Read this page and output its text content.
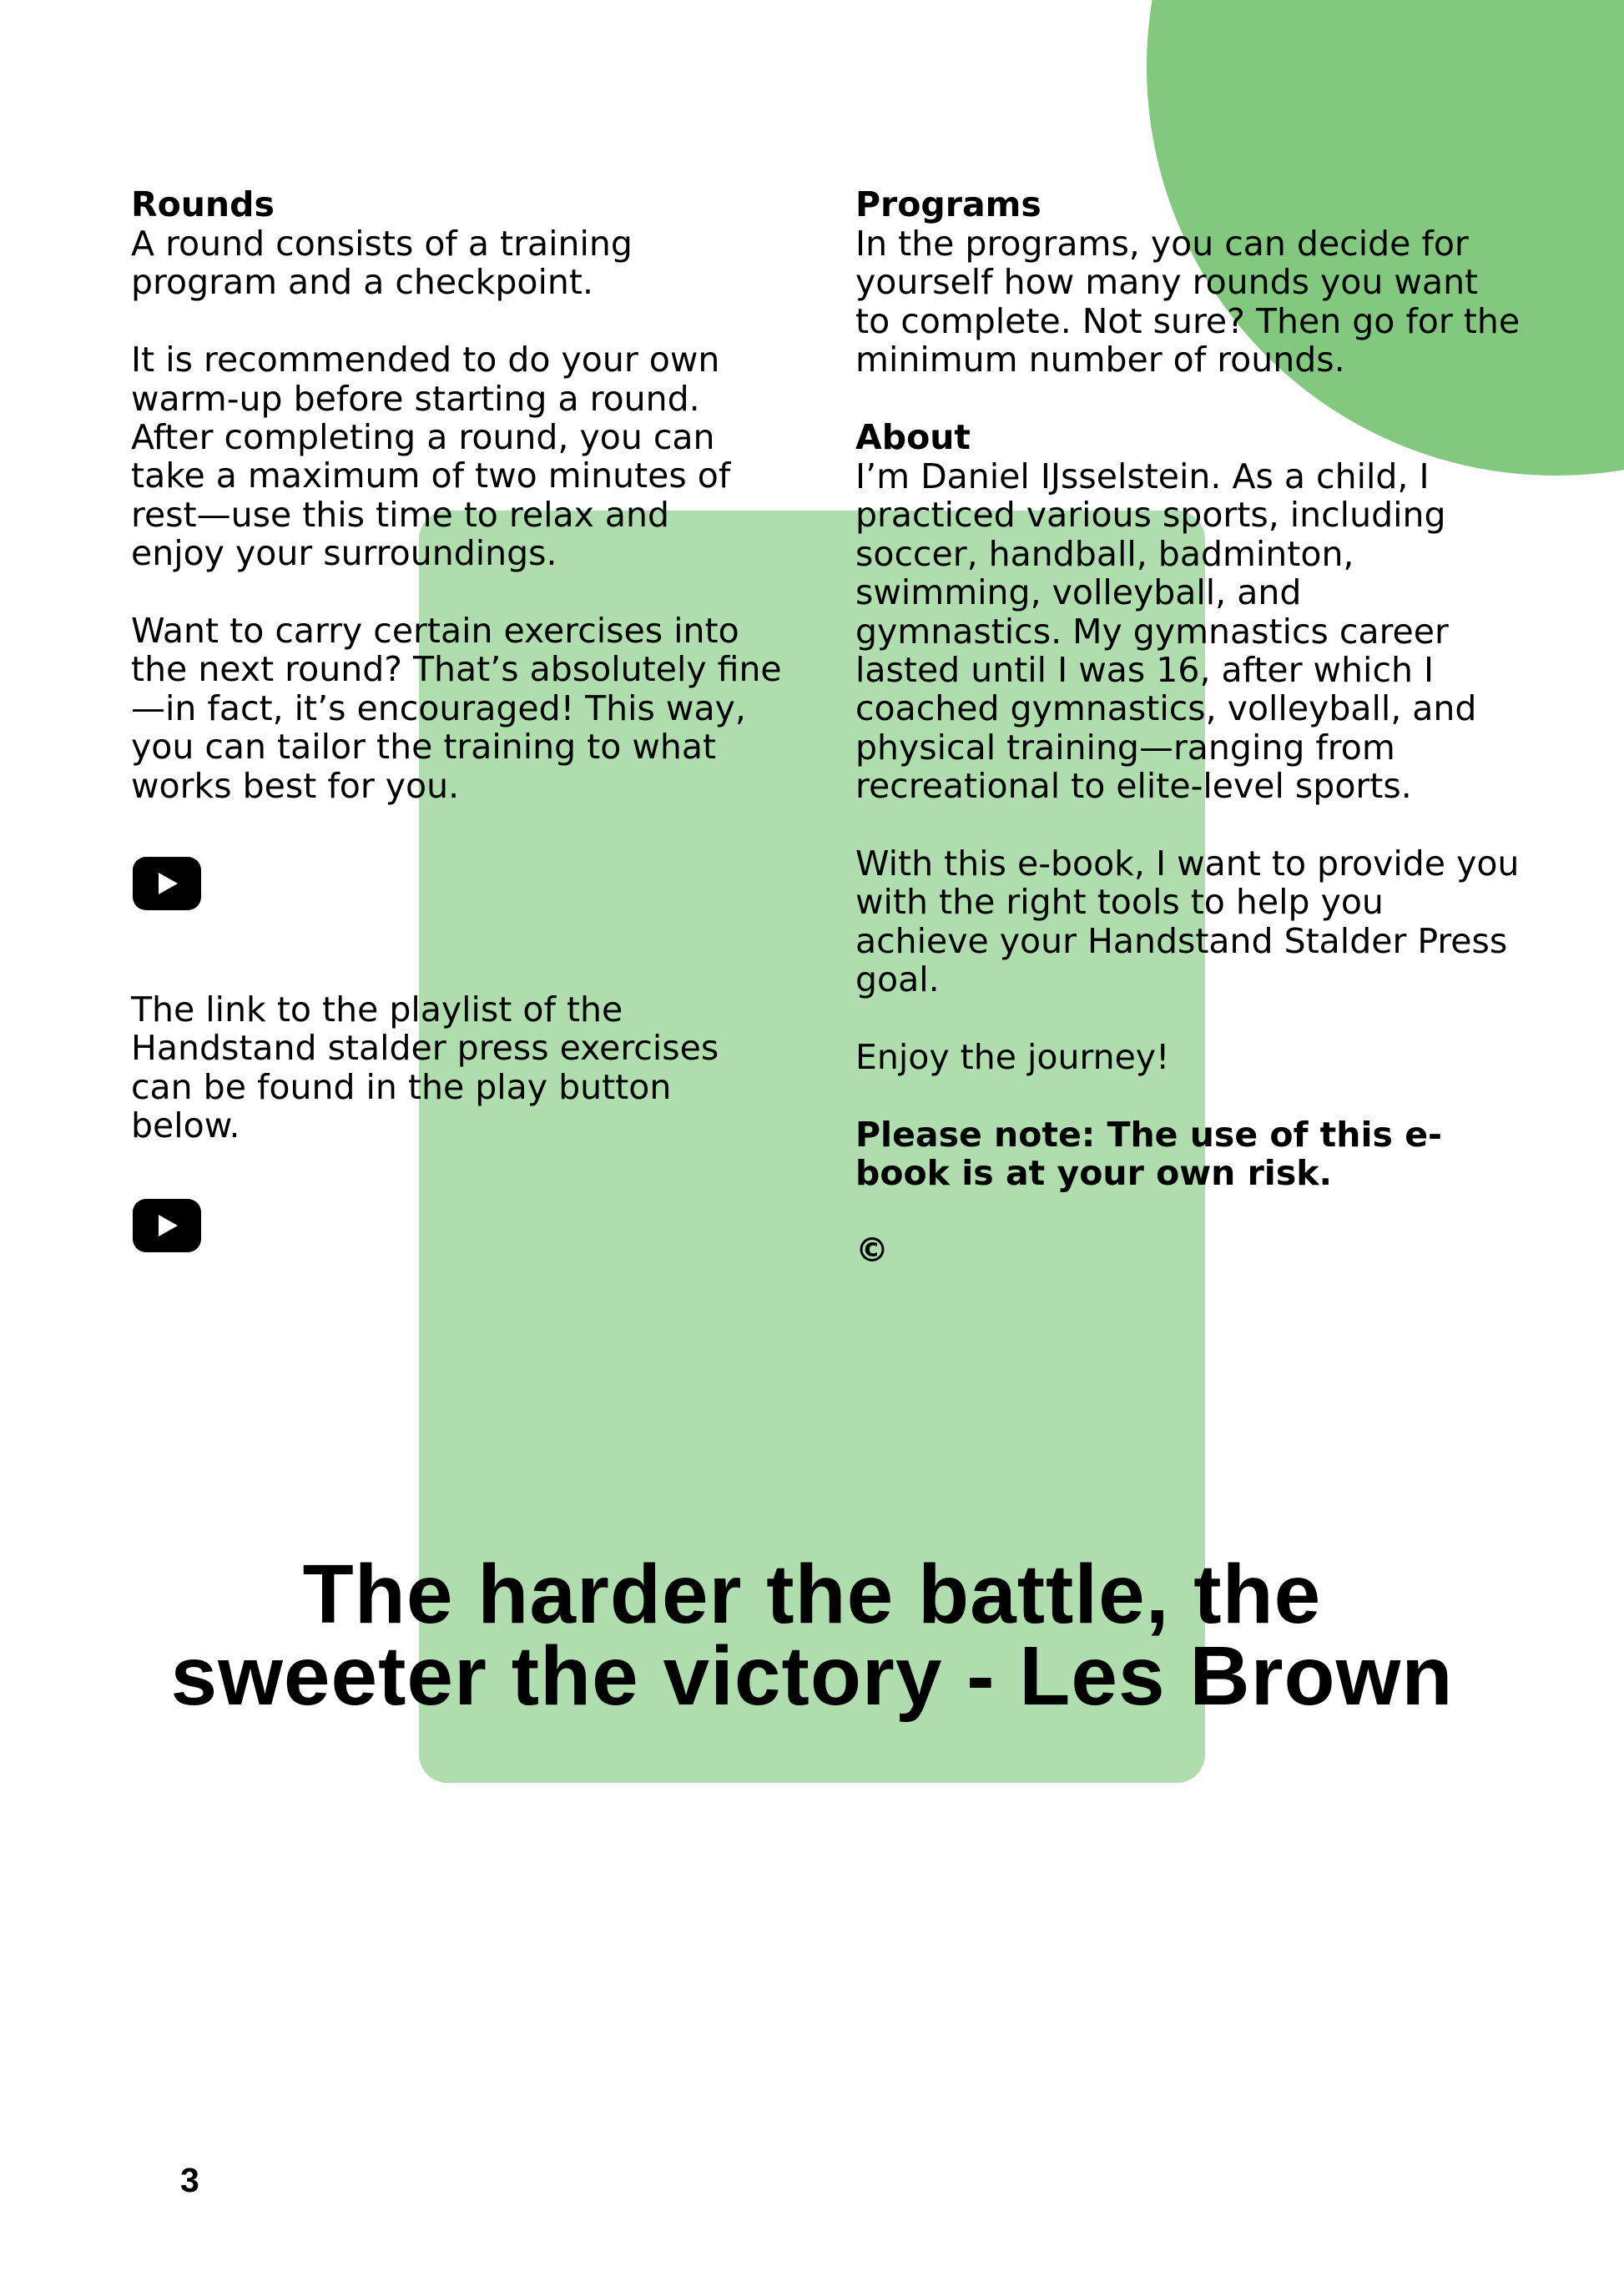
Rounds

A round consists of a training program and a checkpoint.

It is recommended to do your own warm-up before starting a round. After completing a round, you can take a maximum of two minutes of rest—use this time to relax and enjoy your surroundings.

Want to carry certain exercises into the next round? That’s absolutely fine—in fact, it’s encouraged! This way, you can tailor the training to what works best for you.

The link to the playlist of the Handstand stalder press exercises can be found in the play button below.

Programs

In the programs, you can decide for yourself how many rounds you want to complete. Not sure? Then go for the minimum number of rounds.

About

I’m Daniel IJsselstein. As a child, I practiced various sports, including soccer, handball, badminton, swimming, volleyball, and gymnastics. My gymnastics career lasted until I was 16, after which I coached gymnastics, volleyball, and physical training—ranging from recreational to elite-level sports.

With this e-book, I want to provide you with the right tools to help you achieve your Handstand Stalder Press goal.

Enjoy the journey!

Please note: The use of this e-book is at your own risk.

©
The harder the battle, the
sweeter the victory - Les Brown
3
